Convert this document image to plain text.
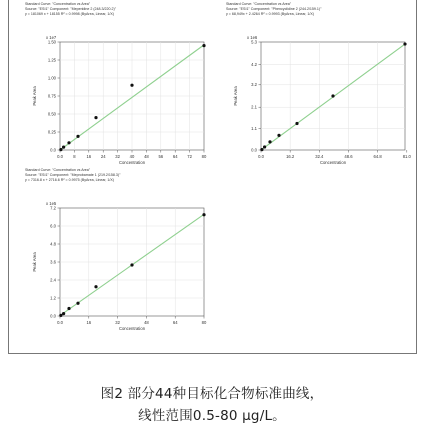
Standard Curve: "Concentration vs Area"
Source: "ESI1" Component: "Meperidine 2 (248.3/220.2)"
y = 181069 x + 18155 R² = 0.9998 (ByArea, Linear, 1/X)
0.0 8	16 24 32 40 48 56 64 72 80
0.0
0.25
0.50
0.75
1.00
1.25
1.50
x 1e7
Peak Area
Concentration
Standard Curve: "Concentration vs Area"
Source: "ESI1" Component: "Phencyclidine 2 (244.2/159.1)"
y = 68,949x + 2.4264 R² = 0.9993 (ByArea, Linear, 1/X)
0.0	16.2	32.4	48.6	64.8	81.0
0.0
1.1
2.1
3.2
4.2
5.3
x 1e6
Peak Area
Concentration
Standard Curve: "Concentration vs Area"
Source: "ESI1" Component: "Meprobamate 1 (219.2/158.3)"
y = 7316.8 x + 2716.6 R² = 0.9975 (ByArea, Linear, 1/X)
0.0	16	32	48	64	80
0.0
1.2
2.4
3.6
4.8
6.0
7.2
x 1e5
Peak Area
Concentration
图2 部分44种目标化合物标准曲线，
线性范围0.5-80 μg/L。
